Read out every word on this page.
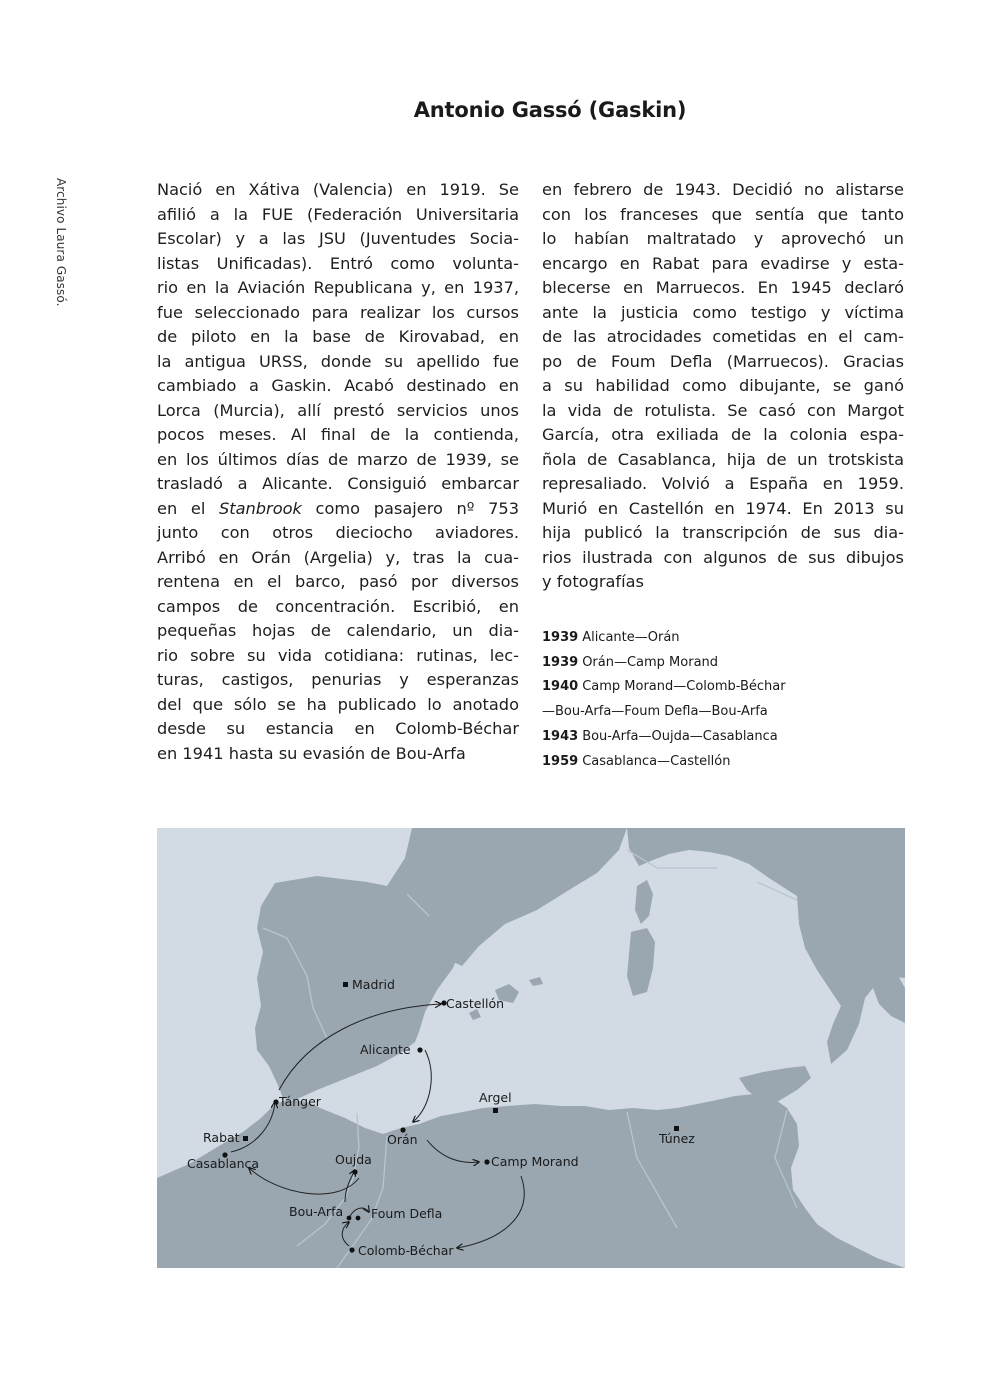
Antonio Gassó (Gaskin)
Archivo Laura Gassó.	Nació en Xátiva (Valencia) en 1919. Se
afilió a la FUE (Federación Universitaria
Escolar) y a las JSU (Juventudes Socia-
listas Unificadas). Entró como volunta-
rio en la Aviación Republicana y, en 1937,
fue seleccionado para realizar los cursos
de piloto en la base de Kirovabad, en
la antigua URSS, donde su apellido fue
cambiado a Gaskin. Acabó destinado en
Lorca (Murcia), allí prestó servicios unos
pocos meses. Al final de la contienda,
en los últimos días de marzo de 1939, se
trasladó a Alicante. Consiguió embarcar
en el Stanbrook como pasajero nº 753
junto con otros dieciocho aviadores.
Arribó en Orán (Argelia) y, tras la cua-
rentena en el barco, pasó por diversos
campos de concentración. Escribió, en
pequeñas hojas de calendario, un dia-
rio sobre su vida cotidiana: rutinas, lec-
turas, castigos, penurias y esperanzas
del que sólo se ha publicado lo anotado
desde su estancia en Colomb-Béchar
en 1941 hasta su evasión de Bou-Arfa
en febrero de 1943. Decidió no alistarse
con los franceses que sentía que tanto
lo habían maltratado y aprovechó un
encargo en Rabat para evadirse y esta-
blecerse en Marruecos. En 1945 declaró
ante la justicia como testigo y víctima
de las atrocidades cometidas en el cam-
po de Foum Defla (Marruecos). Gracias
a su habilidad como dibujante, se ganó
la vida de rotulista. Se casó con Margot
García, otra exiliada de la colonia espa-
ñola de Casablanca, hija de un trotskista
represaliado. Volvió a España en 1959.
Murió en Castellón en 1974. En 2013 su
hija publicó la transcripción de sus dia-
rios ilustrada con algunos de sus dibujos
y fotografías
1939 Alicante—Orán
1939 Orán—Camp Morand
1940 Camp Morand—Colomb-Béchar
—Bou-Arfa—Foum Defla—Bou-Arfa
1943 Bou-Arfa—Oujda—Casablanca
1959 Casablanca—Castellón
Madrid
Castellón
Alicante
Tánger
Rabat
Casablanca
Orán
Argel
Camp Morand
Túnez
Oujda
Bou-Arfa Foum Defla
Colomb-Béchar
